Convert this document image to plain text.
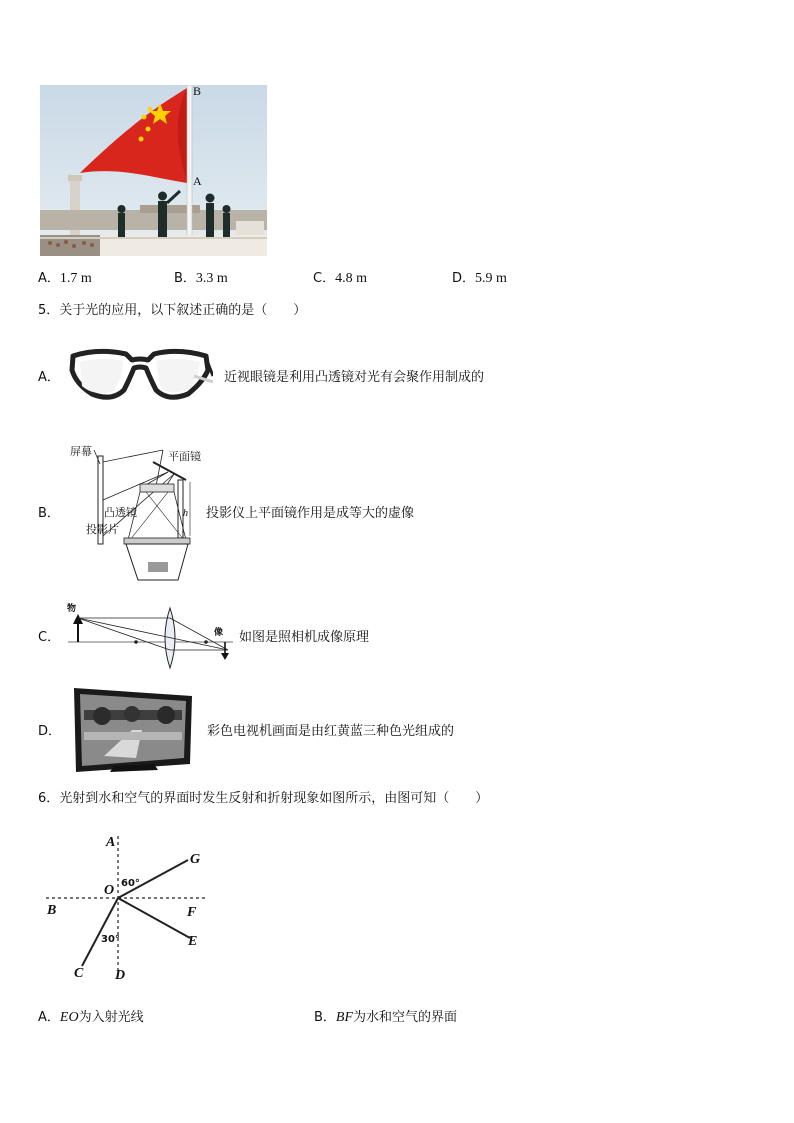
B
A
A．1.7 m	B．3.3 m	C．4.8 m	D．5.9 m
5．关于光的应用，以下叙述正确的是（　　）
A．	近视眼镜是利用凸透镜对光有会聚作用制成的
B．
屏幕	平面镜
凸透镜
投影片
h 投影仪上平面镜作用是成等大的虚像
C．
物
像 如图是照相机成像原理
D．	彩色电视机画面是由红黄蓝三种色光组成的
6．光射到水和空气的界面时发生反射和折射现象如图所示，由图可知（　　）
A
G
O 60°
B	F
30°	E
C D
A．EO为入射光线	B．BF为水和空气的界面
